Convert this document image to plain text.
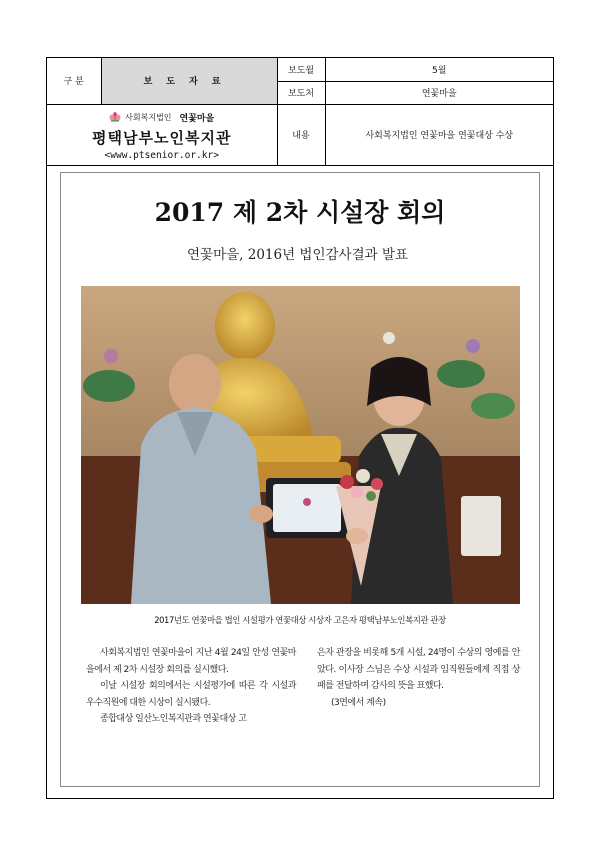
구 분	보도자료	보도월	5월
		보도처	연꽃마을

사회복지법인 연꽃마을
평택남부노인복지관
<www.ptsenior.or.kr>		내용	사회복지법인 연꽃마을 연꽃대상 수상
2017 제 2차 시설장 회의
연꽃마을, 2016년 법인감사결과 발표
2017년도 연꽃마을 법인 시설평가 연꽃대상 시상자 고은자 평택남부노인복지관 관장

사회복지법인 연꽃마을이 지난 4월 24일 안성 연꽃마을에서 제 2차 시설장 회의를 실시했다.

이날 시설장 회의에서는 시설평가에 따른 각 시설과 우수직원에 대한 시상이 실시됐다.

종합대상 일산노인복지관과 연꽃대상 고

은자 관장을 비롯해 5개 시설, 24명이 수상의 영예를 안았다. 이사장 스님은 수상 시설과 임직원들에게 직접 상패를 전달하며 감사의 뜻을 표했다.

(3면에서 계속)
